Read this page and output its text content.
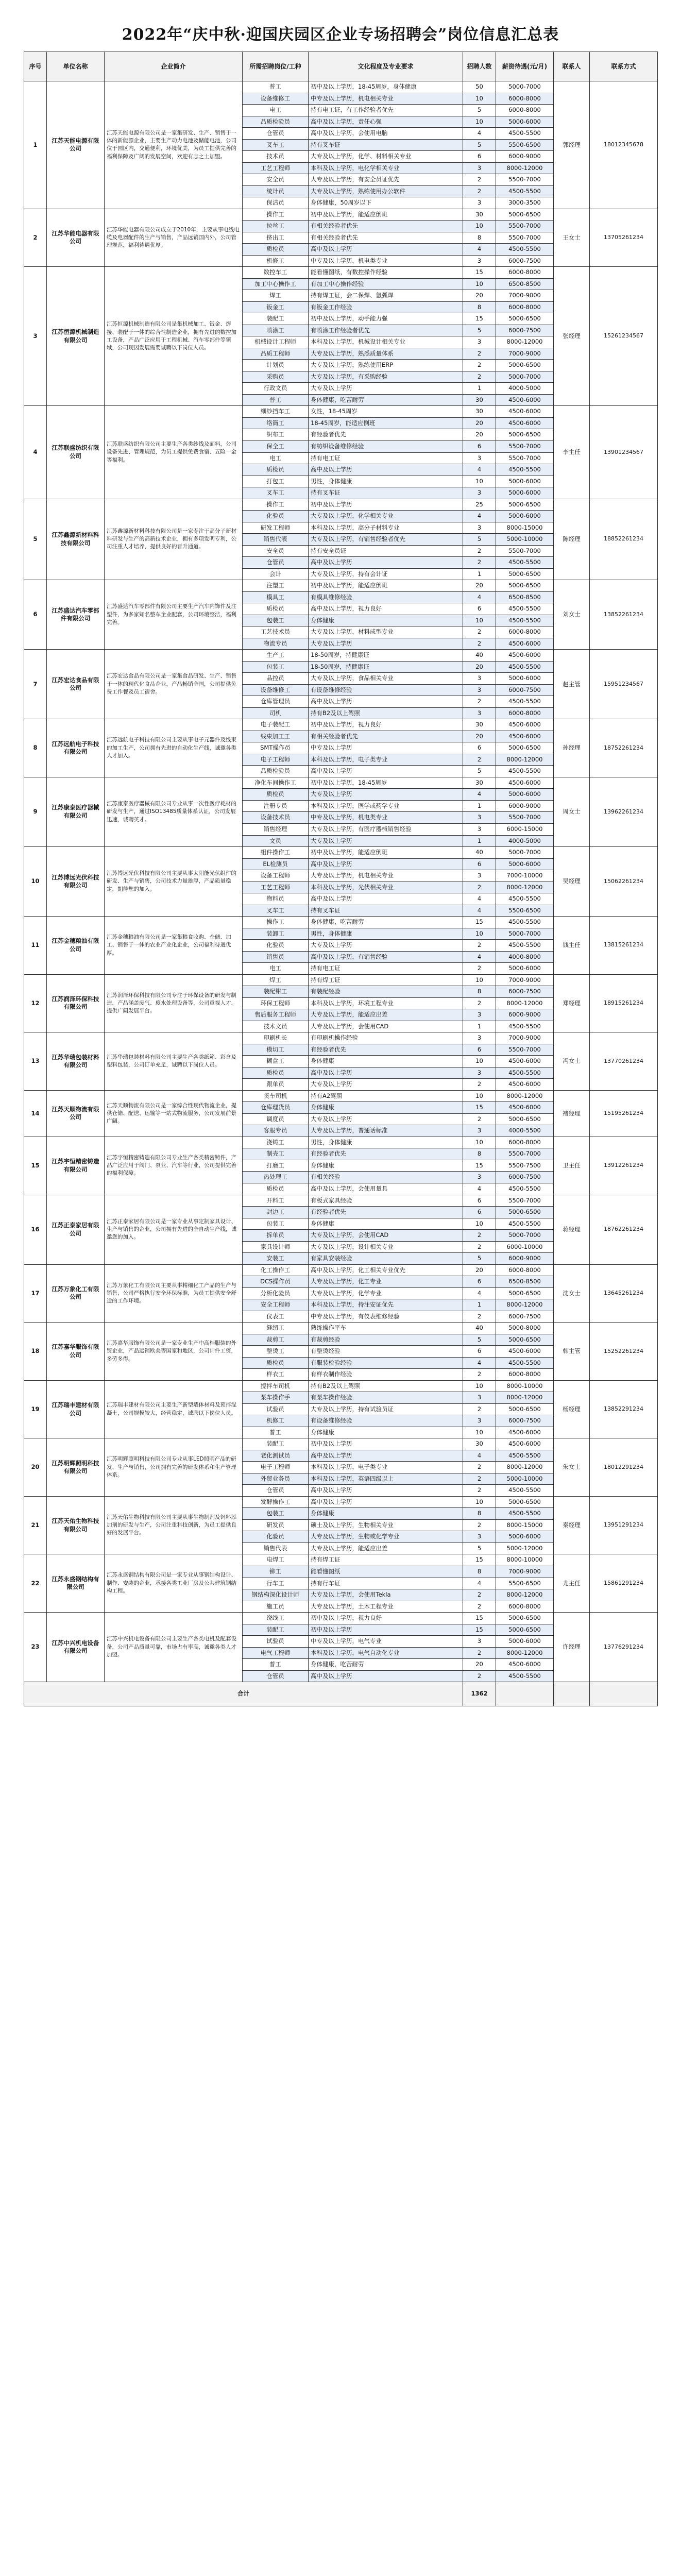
2022年“庆中秋·迎国庆园区企业专场招聘会”岗位信息汇总表
序号	单位名称	企业简介	所需招聘岗位/工种	文化程度及专业要求	招聘人数	薪资待遇(元/月)	联系人	联系方式
1	江苏天能电源有限公司	江苏天能电源有限公司是一家集研发、生产、销售于一体的新能源企业，主要生产动力电池及储能电池，公司位于园区内，交通便利，环境优美，为员工提供完善的福利保障及广阔的发展空间，欢迎有志之士加盟。	普工	初中及以上学历，18-45周岁，身体健康	50	5000-7000	郭经理	18012345678
			设备维修工	中专及以上学历，机电相关专业	10	6000-8000		
			电工	持有电工证，有工作经验者优先	5	6000-8000		
			品质检验员	高中及以上学历，责任心强	10	5000-6000		
			仓管员	高中及以上学历，会使用电脑	4	4500-5500		
			叉车工	持有叉车证	5	5500-6500		
			技术员	大专及以上学历，化学、材料相关专业	6	6000-9000		
			工艺工程师	本科及以上学历，电化学相关专业	3	8000-12000		
			安全员	大专及以上学历，有安全员证优先	2	5500-7000		
			统计员	大专及以上学历，熟练使用办公软件	2	4500-5500		
			保洁员	身体健康，50周岁以下	3	3000-3500		
2	江苏华能电器有限公司	江苏华能电器有限公司成立于2010年，主要从事电线电缆及电器配件的生产与销售，产品远销国内外，公司管理规范，福利待遇优厚。	操作工	初中及以上学历，能适应倒班	30	5000-6500	王女士	13705261234
			拉丝工	有相关经验者优先	10	5500-7000		
			挤出工	有相关经验者优先	8	5500-7000		
			质检员	高中及以上学历	4	4500-5500		
			机修工	中专及以上学历，机电类专业	3	6000-7500		
3	江苏恒源机械制造有限公司	江苏恒源机械制造有限公司是集机械加工、钣金、焊接、装配于一体的综合性制造企业，拥有先进的数控加工设备，产品广泛应用于工程机械、汽车零部件等领域，公司现因发展需要诚聘以下岗位人员。	数控车工	能看懂图纸，有数控操作经验	15	6000-8000	张经理	15261234567
			加工中心操作工	有加工中心操作经验	10	6500-8500		
			焊工	持有焊工证，会二保焊、氩弧焊	20	7000-9000		
			钣金工	有钣金工作经验	8	6000-8000		
			装配工	初中及以上学历，动手能力强	15	5000-6500		
			喷涂工	有喷涂工作经验者优先	5	6000-7500		
			机械设计工程师	本科及以上学历，机械设计相关专业	3	8000-12000		
			品质工程师	大专及以上学历，熟悉质量体系	2	7000-9000		
			计划员	大专及以上学历，熟练使用ERP	2	5000-6500		
			采购员	大专及以上学历，有采购经验	2	5000-7000		
			行政文员	大专及以上学历	1	4000-5000		
			普工	身体健康，吃苦耐劳	30	4500-6000		
4	江苏联盛纺织有限公司	江苏联盛纺织有限公司主要生产各类纱线及面料，公司设备先进、管理规范，为员工提供免费食宿、五险一金等福利。	细纱挡车工	女性，18-45周岁	30	4500-6000	李主任	13901234567
			络筒工	18-45周岁，能适应倒班	20	4500-6000		
			织布工	有经验者优先	20	5000-6500		
			保全工	有纺织设备维修经验	6	5500-7000		
			电工	持有电工证	3	5500-7000		
			质检员	高中及以上学历	4	4500-5500		
			打包工	男性，身体健康	10	5000-6000		
			叉车工	持有叉车证	3	5000-6000		
5	江苏鑫源新材料科技有限公司	江苏鑫源新材料科技有限公司是一家专注于高分子新材料研发与生产的高新技术企业，拥有多项发明专利，公司注重人才培养，提供良好的晋升通道。	操作工	初中及以上学历	25	5000-6500	陈经理	18852261234
			化验员	大专及以上学历，化学相关专业	4	5000-6000		
			研发工程师	本科及以上学历，高分子材料专业	3	8000-15000		
			销售代表	大专及以上学历，有销售经验者优先	5	5000-10000		
			安全员	持有安全员证	2	5500-7000		
			仓管员	高中及以上学历	2	4500-5500		
			会计	大专及以上学历，持有会计证	1	5000-6500		
6	江苏盛达汽车零部件有限公司	江苏盛达汽车零部件有限公司主要生产汽车内饰件及注塑件，为多家知名整车企业配套，公司环境整洁，福利完善。	注塑工	初中及以上学历，能适应倒班	20	5000-6500	刘女士	13852261234
			模具工	有模具维修经验	4	6500-8500		
			质检员	高中及以上学历，视力良好	6	4500-5500		
			包装工	身体健康	10	4500-5500		
			工艺技术员	大专及以上学历，材料成型专业	2	6000-8000		
			物流专员	大专及以上学历	2	4500-6000		
7	江苏宏达食品有限公司	江苏宏达食品有限公司是一家集食品研发、生产、销售于一体的现代化食品企业，产品畅销全国，公司提供免费工作餐及员工宿舍。	生产工	18-50周岁，持健康证	40	4500-6000	赵主管	15951234567
			包装工	18-50周岁，持健康证	20	4500-5500		
			品控员	大专及以上学历，食品相关专业	3	5000-6000		
			设备维修工	有设备维修经验	3	6000-7500		
			仓库管理员	高中及以上学历	2	4500-5500		
			司机	持有B2及以上驾照	3	6000-8000		
8	江苏远航电子科技有限公司	江苏远航电子科技有限公司主要从事电子元器件及线束的加工生产，公司拥有先进的自动化生产线，诚邀各类人才加入。	电子装配工	初中及以上学历，视力良好	30	4500-6000	孙经理	18752261234
			线束加工工	有相关经验者优先	20	4500-6000		
			SMT操作员	中专及以上学历	6	5000-6500		
			电子工程师	本科及以上学历，电子类专业	2	8000-12000		
			品质检验员	高中及以上学历	5	4500-5500		
9	江苏康泰医疗器械有限公司	江苏康泰医疗器械有限公司专业从事一次性医疗耗材的研发与生产，通过ISO13485质量体系认证，公司发展迅速，诚聘英才。	净化车间操作工	初中及以上学历，18-45周岁	30	4500-6000	周女士	13962261234
			质检员	大专及以上学历	4	5000-6000		
			注册专员	本科及以上学历，医学或药学专业	1	6000-9000		
			设备技术员	中专及以上学历，机电类专业	3	5500-7000		
			销售经理	大专及以上学历，有医疗器械销售经验	3	6000-15000		
			文员	大专及以上学历	1	4000-5000		
10	江苏博远光伏科技有限公司	江苏博远光伏科技有限公司主要从事太阳能光伏组件的研发、生产与销售，公司技术力量雄厚，产品质量稳定，期待您的加入。	组件操作工	初中及以上学历，能适应倒班	40	5000-7000	吴经理	15062261234
			EL检测员	高中及以上学历	6	5000-6000		
			设备工程师	大专及以上学历，机电相关专业	3	7000-10000		
			工艺工程师	本科及以上学历，光伏相关专业	2	8000-12000		
			物料员	高中及以上学历	4	4500-5500		
			叉车工	持有叉车证	4	5500-6500		
11	江苏金穗粮油有限公司	江苏金穗粮油有限公司是一家集粮食收购、仓储、加工、销售于一体的农业产业化企业，公司福利待遇优厚。	操作工	身体健康，吃苦耐劳	15	4500-5500	钱主任	13815261234
			装卸工	男性，身体健康	10	5000-7000		
			化验员	大专及以上学历	2	4500-5500		
			销售员	高中及以上学历，有销售经验	4	4000-8000		
			电工	持有电工证	2	5000-6000		
12	江苏润泽环保科技有限公司	江苏润泽环保科技有限公司专注于环保设备的研发与制造，产品涵盖废气、废水处理设备等，公司重视人才，提供广阔发展平台。	焊工	持有焊工证	10	7000-9000	郑经理	18915261234
			装配钳工	有装配经验	8	6000-7500		
			环保工程师	本科及以上学历，环境工程专业	2	8000-12000		
			售后服务工程师	大专及以上学历，能适应出差	3	6000-9000		
			技术文员	大专及以上学历，会使用CAD	1	4500-5500		
13	江苏华瑞包装材料有限公司	江苏华瑞包装材料有限公司主要生产各类纸箱、彩盒及塑料包装，公司订单充足，诚聘以下岗位人员。	印刷机长	有印刷机操作经验	3	7000-9000	冯女士	13770261234
			模切工	有经验者优先	6	5500-7000		
			糊盒工	身体健康	10	4500-6000		
			质检员	高中及以上学历	3	4500-5500		
			跟单员	大专及以上学历	2	4500-6000		
14	江苏天顺物流有限公司	江苏天顺物流有限公司是一家综合性现代物流企业，提供仓储、配送、运输等一站式物流服务，公司发展前景广阔。	货车司机	持有A2驾照	10	8000-12000	褚经理	15195261234
			仓库理货员	身体健康	15	4500-6000		
			调度员	大专及以上学历	2	5000-6500		
			客服专员	大专及以上学历，普通话标准	3	4000-5500		
15	江苏宇恒精密铸造有限公司	江苏宇恒精密铸造有限公司专业生产各类精密铸件，产品广泛应用于阀门、泵业、汽车等行业，公司提供完善的福利保障。	浇铸工	男性，身体健康	10	6000-8000	卫主任	13912261234
			制壳工	有经验者优先	8	5500-7000		
			打磨工	身体健康	15	5500-7500		
			热处理工	有相关经验	3	6000-7500		
			质检员	高中及以上学历，会使用量具	4	4500-5500		
16	江苏正泰家居有限公司	江苏正泰家居有限公司是一家专业从事定制家具设计、生产与销售的企业，公司拥有先进的全自动生产线，诚邀您的加入。	开料工	有板式家具经验	6	5500-7000	蒋经理	18762261234
			封边工	有经验者优先	6	5000-6500		
			包装工	身体健康	10	4500-5500		
			拆单员	大专及以上学历，会使用CAD	2	5000-7000		
			家具设计师	大专及以上学历，设计相关专业	2	6000-10000		
			安装工	有家具安装经验	5	6000-9000		
17	江苏万象化工有限公司	江苏万象化工有限公司主要从事精细化工产品的生产与销售，公司严格执行安全环保标准，为员工提供安全舒适的工作环境。	化工操作工	高中及以上学历，化工相关专业优先	20	6000-8000	沈女士	13645261234
			DCS操作员	大专及以上学历，化工专业	6	6500-8500		
			分析化验员	大专及以上学历，化学专业	4	5000-6500		
			安全工程师	本科及以上学历，持注安证优先	1	8000-12000		
			仪表工	中专及以上学历，有仪表维修经验	2	6000-7500		
18	江苏嘉华服饰有限公司	江苏嘉华服饰有限公司是一家专业生产中高档服装的外贸企业，产品远销欧美等国家和地区，公司计件工资，多劳多得。	缝纫工	熟练操作平车	40	5000-8000	韩主管	15252261234
			裁剪工	有裁剪经验	5	5000-6500		
			整烫工	有整烫经验	6	4500-6000		
			质检员	有服装检验经验	4	4500-5500		
			样衣工	有样衣制作经验	2	6000-8000		
19	江苏瑞丰建材有限公司	江苏瑞丰建材有限公司主要生产新型墙体材料及预拌混凝土，公司规模较大，经营稳定，诚聘以下岗位人员。	搅拌车司机	持有B2及以上驾照	10	8000-10000	杨经理	13852291234
			泵车操作手	有泵车操作经验	3	8000-12000		
			试验员	大专及以上学历，持有试验员证	2	5000-6500		
			机修工	有设备维修经验	3	6000-7500		
			普工	身体健康	10	4500-6000		
20	江苏明辉照明科技有限公司	江苏明辉照明科技有限公司专业从事LED照明产品的研发、生产与销售，公司拥有完善的研发体系和生产管理体系。	装配工	初中及以上学历	30	4500-6000	朱女士	18012291234
			老化测试员	高中及以上学历	4	4500-5500		
			电子工程师	本科及以上学历，电子类专业	2	8000-12000		
			外贸业务员	本科及以上学历，英语四级以上	2	5000-10000		
			仓管员	高中及以上学历	2	4500-5500		
21	江苏天佑生物科技有限公司	江苏天佑生物科技有限公司主要从事生物制剂及饲料添加剂的研发与生产，公司注重科技创新，为员工提供良好的发展平台。	发酵操作工	高中及以上学历	10	5000-6500	秦经理	13951291234
			包装工	身体健康	8	4500-5500		
			研发员	硕士及以上学历，生物相关专业	2	8000-15000		
			化验员	大专及以上学历，生物或化学专业	3	5000-6000		
			销售代表	大专及以上学历，能适应出差	5	5000-12000		
22	江苏永盛钢结构有限公司	江苏永盛钢结构有限公司是一家专业从事钢结构设计、制作、安装的企业，承接各类工业厂房及公共建筑钢结构工程。	电焊工	持有焊工证	15	8000-10000	尤主任	15861291234
			铆工	能看懂图纸	8	7000-9000		
			行车工	持有行车证	4	5500-6500		
			钢结构深化设计师	大专及以上学历，会使用Tekla	2	8000-12000		
			施工员	大专及以上学历，土木工程专业	2	6000-8000		
23	江苏中兴机电设备有限公司	江苏中兴机电设备有限公司主要生产各类电机及配套设备，公司产品质量可靠，市场占有率高，诚邀各类人才加盟。	绕线工	初中及以上学历，视力良好	15	5000-6500	许经理	13776291234
			装配工	初中及以上学历	15	5000-6500		
			试验员	中专及以上学历，电气专业	3	5000-6000		
			电气工程师	本科及以上学历，电气自动化专业	2	8000-12000		
			普工	身体健康，吃苦耐劳	20	4500-6000		
			仓管员	高中及以上学历	2	4500-5500		
合计					1362			
